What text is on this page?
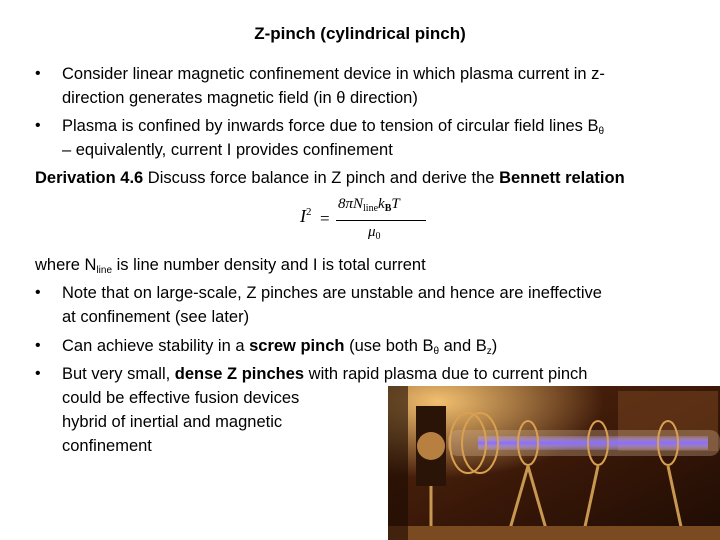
Z-pinch (cylindrical pinch)
• Consider linear magnetic confinement device in which plasma current in z-
direction generates magnetic field (in θ direction)
• Plasma is confined by inwards force due to tension of circular field lines $B_\theta$
– equivalently, current I provides confinement
Derivation 4.6 Discuss force balance in Z pinch and derive the Bennett relation
$I^2$ =
$8\pi N_{line}k_BT$
$\mu_0$
where $N_{line}$ is line number density and I is total current
• Note that on large-scale, Z pinches are unstable and hence are ineffective
at confinement (see later)
• Can achieve stability in a screw pinch (use both $B_\theta$ and $B_z$)
• But very small, dense Z pinches with rapid plasma due to current pinch
could be effective fusion devices
hybrid of inertial and magnetic
confinement
